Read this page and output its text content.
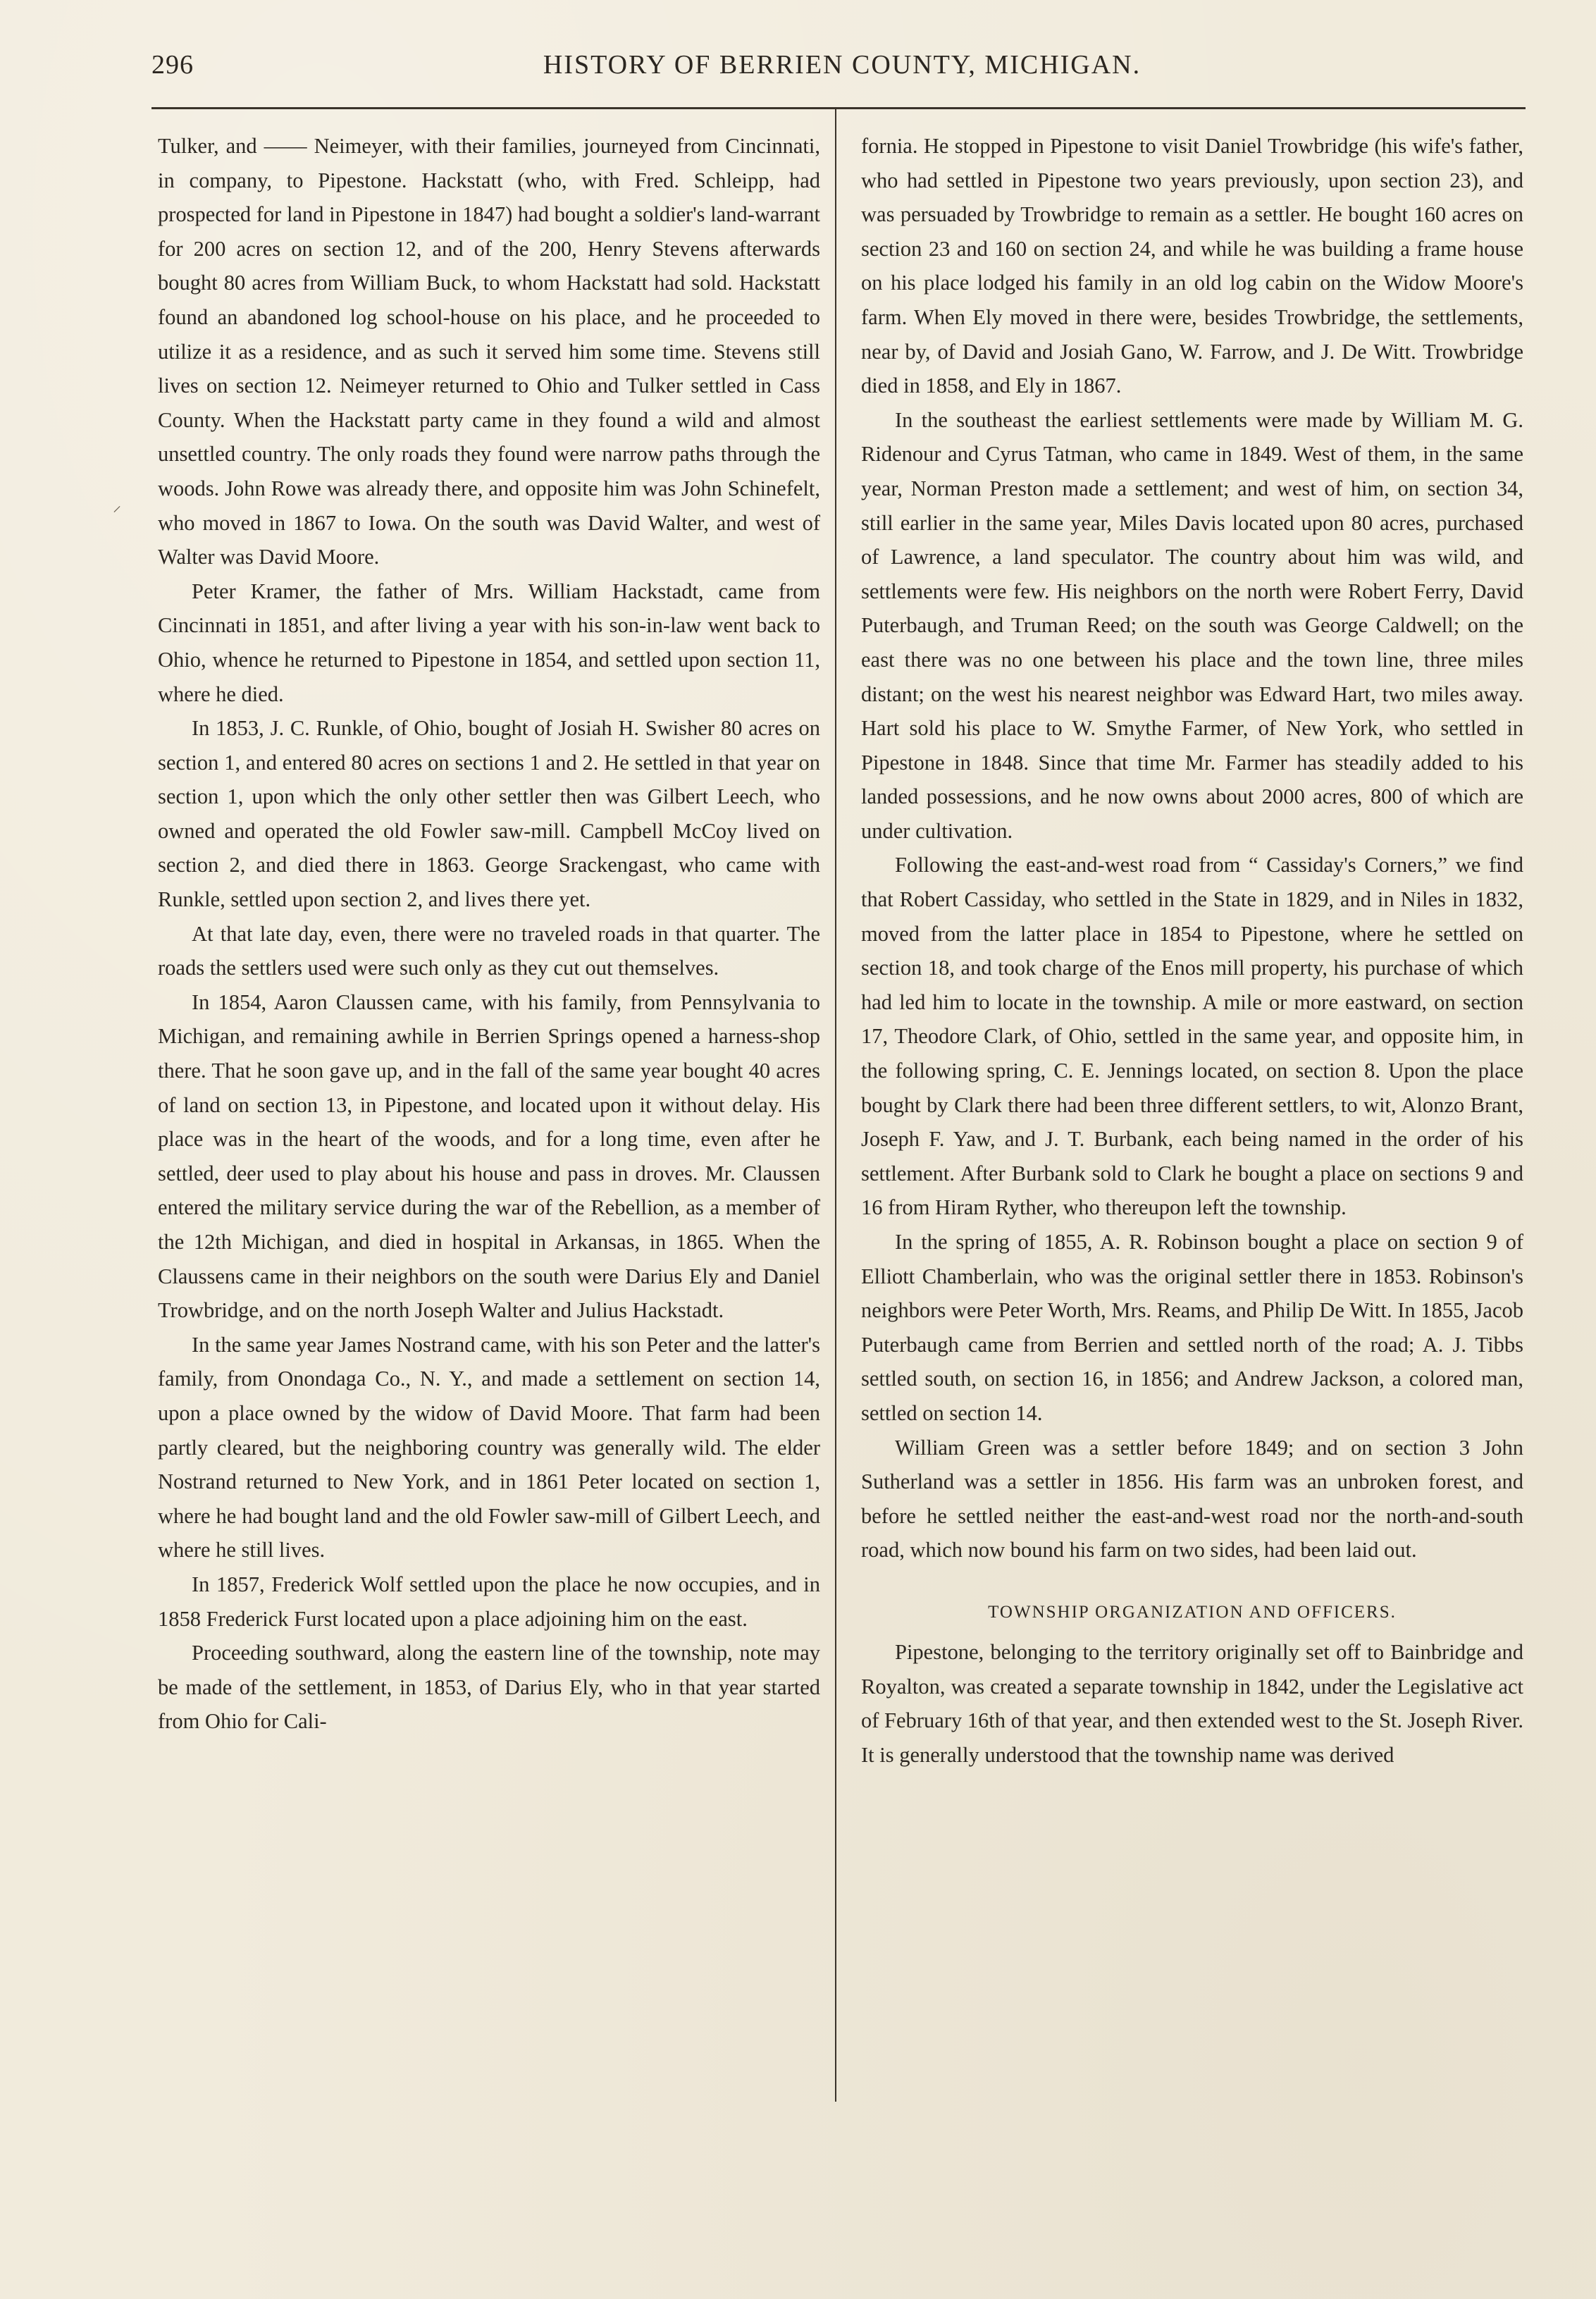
296	HISTORY OF BERRIEN COUNTY, MICHIGAN.
⸝

Tulker, and —— Neimeyer, with their families, journeyed from Cincinnati, in company, to Pipestone. Hackstatt (who, with Fred. Schleipp, had prospected for land in Pipestone in 1847) had bought a soldier's land-warrant for 200 acres on section 12, and of the 200, Henry Stevens afterwards bought 80 acres from William Buck, to whom Hackstatt had sold. Hackstatt found an abandoned log school-house on his place, and he proceeded to utilize it as a residence, and as such it served him some time. Stevens still lives on section 12. Neimeyer returned to Ohio and Tulker settled in Cass County. When the Hackstatt party came in they found a wild and almost unsettled country. The only roads they found were narrow paths through the woods. John Rowe was already there, and opposite him was John Schinefelt, who moved in 1867 to Iowa. On the south was David Walter, and west of Walter was David Moore.

Peter Kramer, the father of Mrs. William Hackstadt, came from Cincinnati in 1851, and after living a year with his son-in-law went back to Ohio, whence he returned to Pipestone in 1854, and settled upon section 11, where he died.

In 1853, J. C. Runkle, of Ohio, bought of Josiah H. Swisher 80 acres on section 1, and entered 80 acres on sections 1 and 2. He settled in that year on section 1, upon which the only other settler then was Gilbert Leech, who owned and operated the old Fowler saw-mill. Campbell McCoy lived on section 2, and died there in 1863. George Srackengast, who came with Runkle, settled upon section 2, and lives there yet.

At that late day, even, there were no traveled roads in that quarter. The roads the settlers used were such only as they cut out themselves.

In 1854, Aaron Claussen came, with his family, from Pennsylvania to Michigan, and remaining awhile in Berrien Springs opened a harness-shop there. That he soon gave up, and in the fall of the same year bought 40 acres of land on section 13, in Pipestone, and located upon it without delay. His place was in the heart of the woods, and for a long time, even after he settled, deer used to play about his house and pass in droves. Mr. Claussen entered the military service during the war of the Rebellion, as a member of the 12th Michigan, and died in hospital in Arkansas, in 1865. When the Claussens came in their neighbors on the south were Darius Ely and Daniel Trowbridge, and on the north Joseph Walter and Julius Hackstadt.

In the same year James Nostrand came, with his son Peter and the latter's family, from Onondaga Co., N. Y., and made a settlement on section 14, upon a place owned by the widow of David Moore. That farm had been partly cleared, but the neighboring country was generally wild. The elder Nostrand returned to New York, and in 1861 Peter located on section 1, where he had bought land and the old Fowler saw-mill of Gilbert Leech, and where he still lives.

In 1857, Frederick Wolf settled upon the place he now occupies, and in 1858 Frederick Furst located upon a place adjoining him on the east.

Proceeding southward, along the eastern line of the township, note may be made of the settlement, in 1853, of Darius Ely, who in that year started from Ohio for Cali-

fornia. He stopped in Pipestone to visit Daniel Trowbridge (his wife's father, who had settled in Pipestone two years previously, upon section 23), and was persuaded by Trowbridge to remain as a settler. He bought 160 acres on section 23 and 160 on section 24, and while he was building a frame house on his place lodged his family in an old log cabin on the Widow Moore's farm. When Ely moved in there were, besides Trowbridge, the settlements, near by, of David and Josiah Gano, W. Farrow, and J. De Witt. Trowbridge died in 1858, and Ely in 1867.

In the southeast the earliest settlements were made by William M. G. Ridenour and Cyrus Tatman, who came in 1849. West of them, in the same year, Norman Preston made a settlement; and west of him, on section 34, still earlier in the same year, Miles Davis located upon 80 acres, purchased of Lawrence, a land speculator. The country about him was wild, and settlements were few. His neighbors on the north were Robert Ferry, David Puterbaugh, and Truman Reed; on the south was George Caldwell; on the east there was no one between his place and the town line, three miles distant; on the west his nearest neighbor was Edward Hart, two miles away. Hart sold his place to W. Smythe Farmer, of New York, who settled in Pipestone in 1848. Since that time Mr. Farmer has steadily added to his landed possessions, and he now owns about 2000 acres, 800 of which are under cultivation.

Following the east-and-west road from “ Cassiday's Corners,” we find that Robert Cassiday, who settled in the State in 1829, and in Niles in 1832, moved from the latter place in 1854 to Pipestone, where he settled on section 18, and took charge of the Enos mill property, his purchase of which had led him to locate in the township. A mile or more eastward, on section 17, Theodore Clark, of Ohio, settled in the same year, and opposite him, in the following spring, C. E. Jennings located, on section 8. Upon the place bought by Clark there had been three different settlers, to wit, Alonzo Brant, Joseph F. Yaw, and J. T. Burbank, each being named in the order of his settlement. After Burbank sold to Clark he bought a place on sections 9 and 16 from Hiram Ryther, who thereupon left the township.

In the spring of 1855, A. R. Robinson bought a place on section 9 of Elliott Chamberlain, who was the original settler there in 1853. Robinson's neighbors were Peter Worth, Mrs. Reams, and Philip De Witt. In 1855, Jacob Puterbaugh came from Berrien and settled north of the road; A. J. Tibbs settled south, on section 16, in 1856; and Andrew Jackson, a colored man, settled on section 14.

William Green was a settler before 1849; and on section 3 John Sutherland was a settler in 1856. His farm was an unbroken forest, and before he settled neither the east-and-west road nor the north-and-south road, which now bound his farm on two sides, had been laid out.

TOWNSHIP ORGANIZATION AND OFFICERS.

Pipestone, belonging to the territory originally set off to Bainbridge and Royalton, was created a separate township in 1842, under the Legislative act of February 16th of that year, and then extended west to the St. Joseph River. It is generally understood that the township name was derived
